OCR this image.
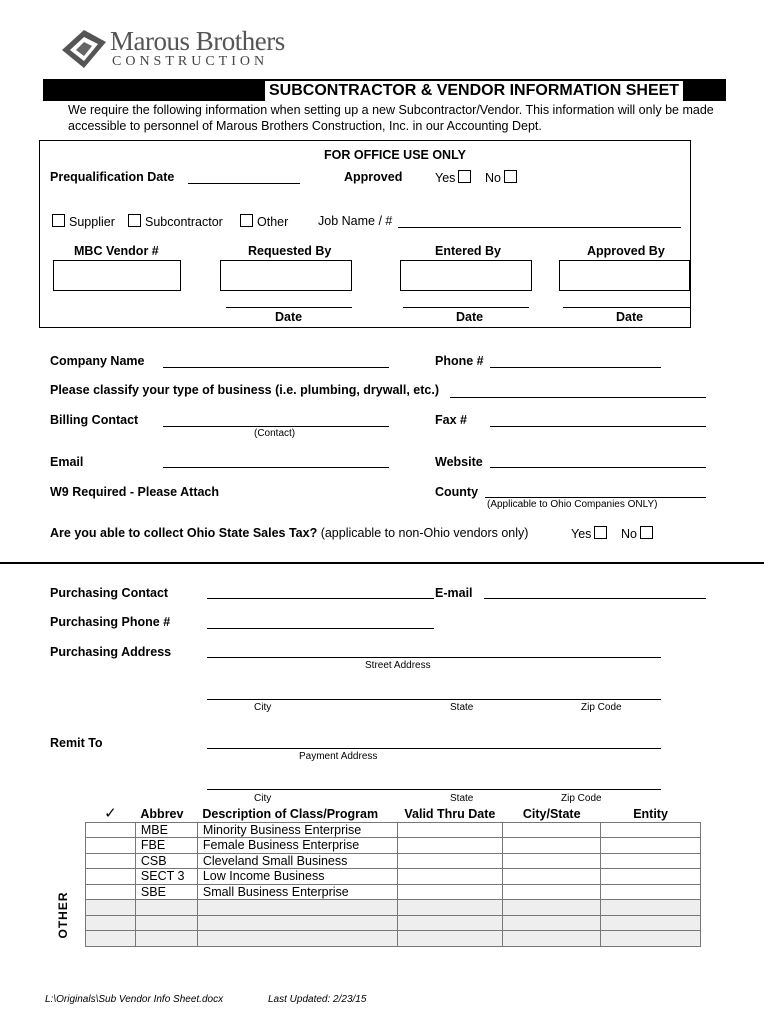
Marous Brothers
CONSTRUCTION
SUBCONTRACTOR & VENDOR INFORMATION SHEET
We require the following information when setting up a new Subcontractor/Vendor. This information will only be made
accessible to personnel of Marous Brothers Construction, Inc. in our Accounting Dept.
FOR OFFICE USE ONLY
Prequalification Date	Approved	Yes	No
Supplier	Subcontractor	Other Job Name / #
MBC Vendor #	Requested By	Entered By	Approved By
Date	Date	Date
Company Name	Phone #
Please classify your type of business (i.e. plumbing, drywall, etc.)
Billing Contact
(Contact)
Fax #
Email	Website
W9 Required - Please Attach	County
(Applicable to Ohio Companies ONLY)
Are you able to collect Ohio State Sales Tax? (applicable to non-Ohio vendors only)	Yes	No
Purchasing Contact	E-mail
Purchasing Phone #
Purchasing Address
Street Address
City	State	Zip Code
Remit To
Payment Address
City	State	Zip Code
OTHER
✓	Abbrev	Description of Class/Program	Valid Thru Date	City/State	Entity
	MBE	Minority Business Enterprise			
	FBE	Female Business Enterprise			
	CSB	Cleveland Small Business			
	SECT 3	Low Income Business			
	SBE	Small Business Enterprise			

L:\Originals\Sub Vendor Info Sheet.docx	Last Updated: 2/23/15
